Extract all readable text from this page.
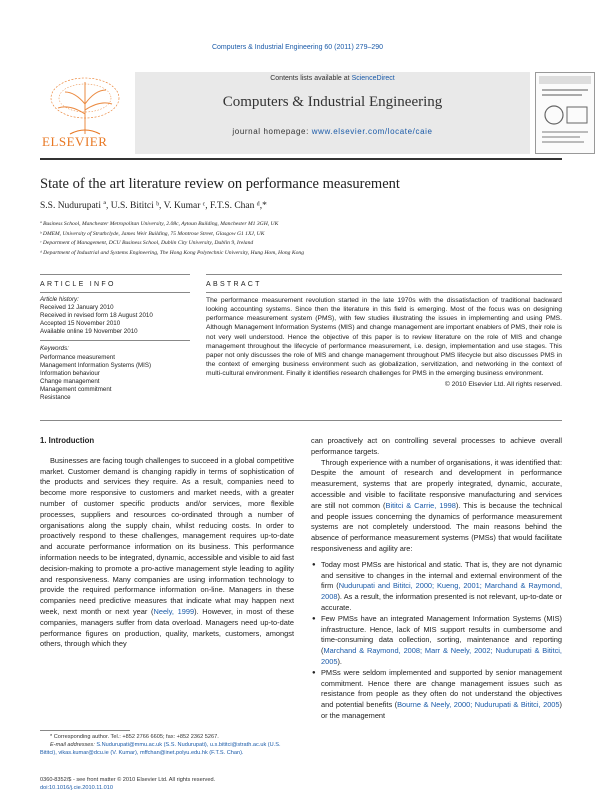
Computers & Industrial Engineering 60 (2011) 279–290
ELSEVIER
Contents lists available at ScienceDirect
Computers & Industrial Engineering
journal homepage: www.elsevier.com/locate/caie
State of the art literature review on performance measurement
S.S. Nudurupati ª, U.S. Bititci ᵇ, V. Kumar ᶜ, F.T.S. Chan ᵈ,*
ª Business School, Manchester Metropolitan University, 2.08c, Aytoun Building, Manchester M1 3GH, UK
ᵇ DMEM, University of Strathclyde, James Weir Building, 75 Montrose Street, Glasgow G1 1XJ, UK
ᶜ Department of Management, DCU Business School, Dublin City University, Dublin 9, Ireland
ᵈ Department of Industrial and Systems Engineering, The Hong Kong Polytechnic University, Hung Hom, Hong Kong
ARTICLE INFO	ABSTRACT
Article history:
Received 12 January 2010
Received in revised form 18 August 2010
Accepted 15 November 2010
Available online 19 November 2010
Keywords:
Performance measurement
Management Information Systems (MIS)
Information behaviour
Change management
Management commitment
Resistance
The performance measurement revolution started in the late 1970s with the dissatisfaction of traditional backward looking accounting systems. Since then the literature in this field is emerging. Most of the focus was on designing performance measurement system (PMS), with few studies illustrating the issues in implementing and using PMS. Although Management Information Systems (MIS) and change management are important enablers of PMS, their role is not very well understood. Hence the objective of this paper is to review literature on the role of MIS and change management throughout the lifecycle of performance measurement, i.e. design, implementation and use stages. This paper not only discusses the role of MIS and change management throughout PMS lifecycle but also discusses PMS in the context of emerging business environment such as globalization, servitization, and networking in the context of multi-cultural environment. Finally it identifies research challenges for PMS in the emerging business environment.
© 2010 Elsevier Ltd. All rights reserved.
1. Introduction

Businesses are facing tough challenges to succeed in a global competitive market. Customer demand is changing rapidly in terms of sophistication of the products and services they require. As a result, companies need to become more responsive to customers and market needs, with a greater number of customer specific products and/or services, more flexible processes, suppliers and resources co-ordinated through a number of organisations along the supply chain, whilst reducing costs. In order to proactively respond to these challenges, management requires up-to-date and accurate performance information on its business. This performance information needs to be integrated, dynamic, accessible and visible to aid fast decision-making to promote a pro-active management style leading to agility and responsiveness. Many companies are using information technology to provide the required performance information on-line. Managers in these companies need predictive measures that indicate what may happen next week, next month or next year (Neely, 1999). However, in most of these companies, managers suffer from data overload. Managers need up-to-date performance figures on production, quality, markets, customers, amongst others, through which they

can proactively act on controlling several processes to achieve overall performance targets.

Through experience with a number of organisations, it was identified that: Despite the amount of research and development in performance measurement, systems that are properly integrated, dynamic, accurate, accessible and visible to facilitate responsive manufacturing and services are still not common (Bititci & Carrie, 1998). This is because the technical and people issues concerning the dynamics of performance measurement systems are not completely understood. The main reasons behind the absence of performance measurement systems (PMSs) that would facilitate responsiveness and agility are:

● Today most PMSs are historical and static. That is, they are not dynamic and sensitive to changes in the internal and external environment of the firm (Nudurupati and Bititci, 2000; Kueng, 2001; Marchand & Raymond, 2008). As a result, the information presented is not relevant, up-to-date or accurate.
● Few PMSs have an integrated Management Information Systems (MIS) infrastructure. Hence, lack of MIS support results in cumbersome and time-consuming data collection, sorting, maintenance and reporting (Marchand & Raymond, 2008; Marr & Neely, 2002; Nudurupati & Bititci, 2005).
● PMSs were seldom implemented and supported by senior management commitment. Hence there are change management issues such as resistance from people as they often do not understand the objectives and potential benefits (Bourne & Neely, 2000; Nudurupati & Bititci, 2005) or the management
* Corresponding author. Tel.: +852 2766 6605; fax: +852 2362 5267.
E-mail addresses: S.Nudurupati@mmu.ac.uk (S.S. Nudurupati), u.s.bititci@strath.ac.uk (U.S. Bititci), vikas.kumar@dcu.ie (V. Kumar), mffchan@inet.polyu.edu.hk (F.T.S. Chan).
0360-8352/$ - see front matter © 2010 Elsevier Ltd. All rights reserved.
doi:10.1016/j.cie.2010.11.010
